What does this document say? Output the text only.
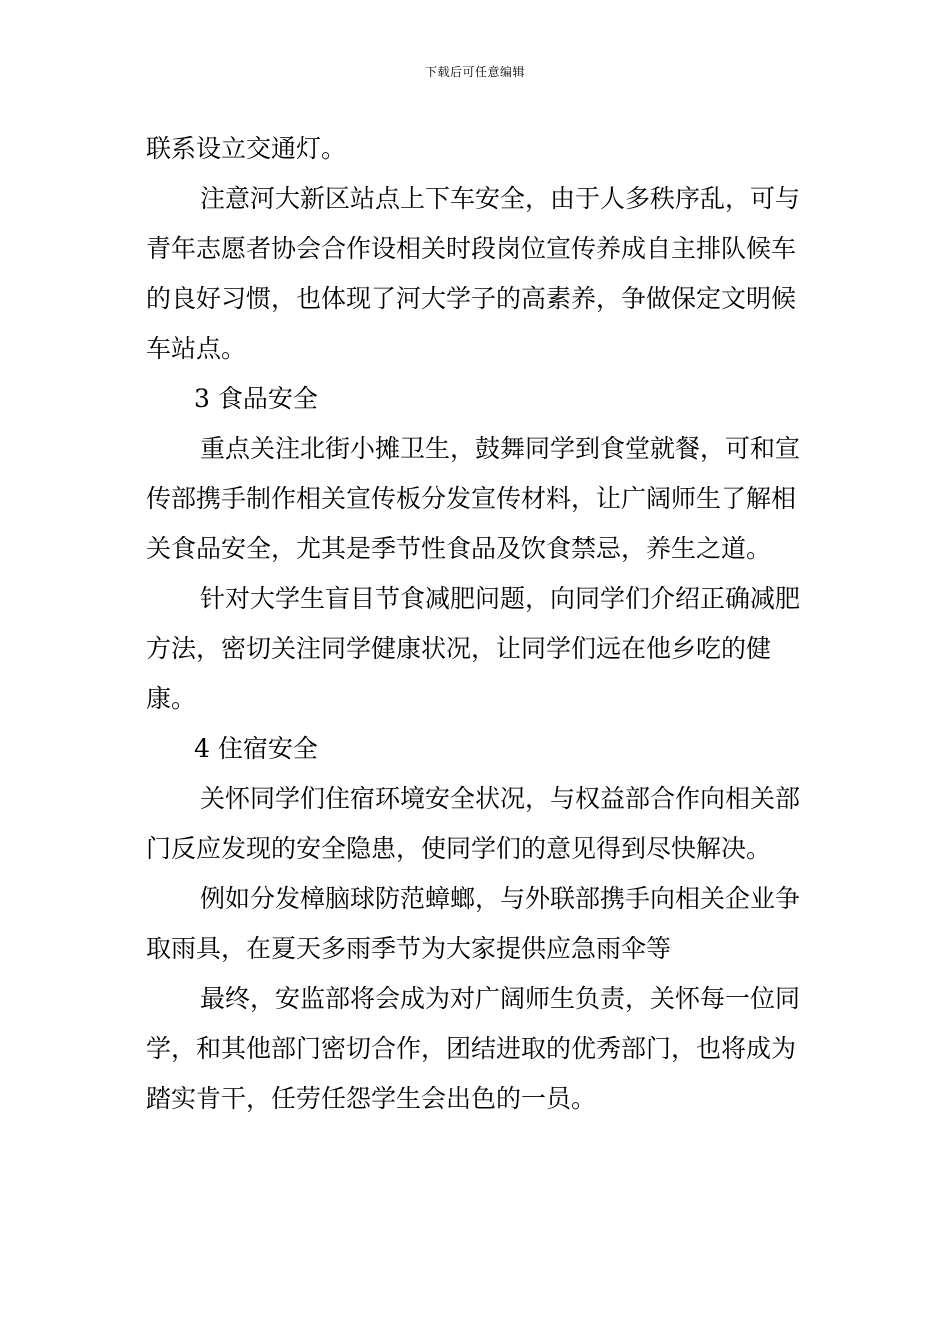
下载后可任意编辑

联系设立交通灯。

注意河大新区站点上下车安全，由于人多秩序乱，可与青年志愿者协会合作设相关时段岗位宣传养成自主排队候车的良好习惯，也体现了河大学子的高素养，争做保定文明候车站点。

3 食品安全

重点关注北街小摊卫生，鼓舞同学到食堂就餐，可和宣传部携手制作相关宣传板分发宣传材料，让广阔师生了解相关食品安全，尤其是季节性食品及饮食禁忌，养生之道。

针对大学生盲目节食减肥问题，向同学们介绍正确减肥方法，密切关注同学健康状况，让同学们远在他乡吃的健康。

4 住宿安全

关怀同学们住宿环境安全状况，与权益部合作向相关部门反应发现的安全隐患，使同学们的意见得到尽快解决。

例如分发樟脑球防范蟑螂，与外联部携手向相关企业争取雨具，在夏天多雨季节为大家提供应急雨伞等

最终，安监部将会成为对广阔师生负责，关怀每一位同学，和其他部门密切合作，团结进取的优秀部门，也将成为踏实肯干，任劳任怨学生会出色的一员。
